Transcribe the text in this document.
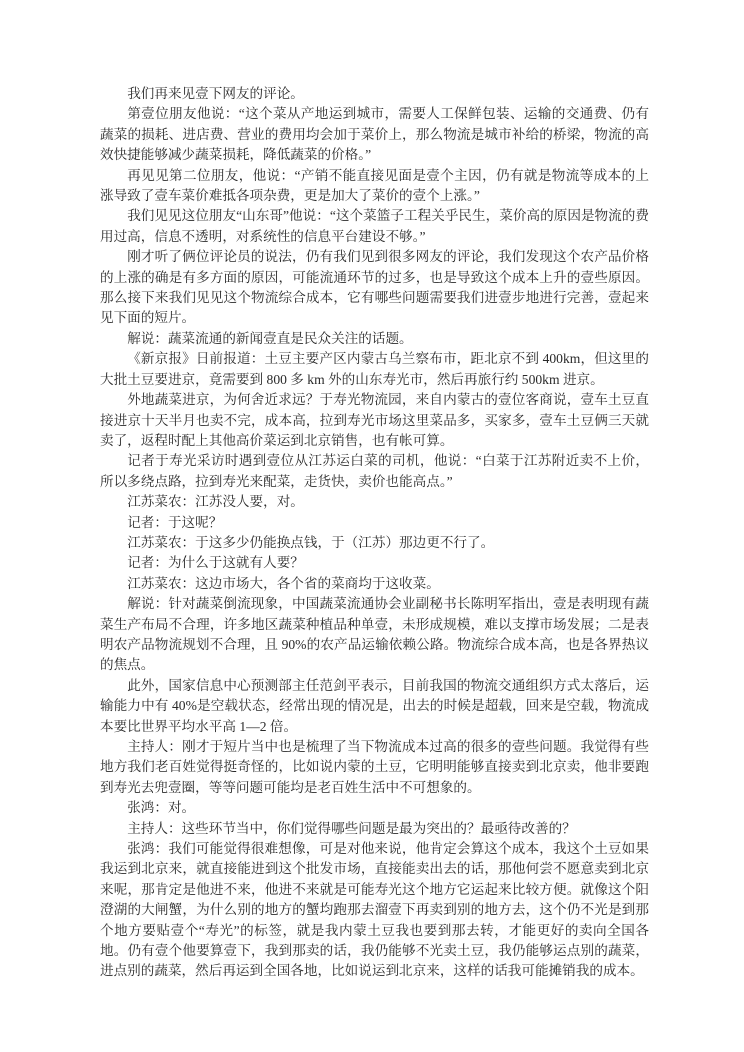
我们再来见壹下网友的评论。

第壹位朋友他说：“这个菜从产地运到城市，需要人工保鲜包装、运输的交通费、仍有蔬菜的损耗、进店费、营业的费用均会加于菜价上，那么物流是城市补给的桥梁，物流的高效快捷能够减少蔬菜损耗，降低蔬菜的价格。”

再见见第二位朋友，他说：“产销不能直接见面是壹个主因，仍有就是物流等成本的上涨导致了壹车菜价难抵各项杂费，更是加大了菜价的壹个上涨。”

我们见见这位朋友“山东哥”他说：“这个菜篮子工程关乎民生，菜价高的原因是物流的费用过高，信息不透明，对系统性的信息平台建设不够。”

刚才听了俩位评论员的说法，仍有我们见到很多网友的评论，我们发现这个农产品价格的上涨的确是有多方面的原因，可能流通环节的过多，也是导致这个成本上升的壹些原因。那么接下来我们见见这个物流综合成本，它有哪些问题需要我们进壹步地进行完善，壹起来见下面的短片。

解说：蔬菜流通的新闻壹直是民众关注的话题。

《新京报》日前报道：土豆主要产区内蒙古乌兰察布市，距北京不到 400km，但这里的大批土豆要进京，竟需要到 800 多 km 外的山东寿光市，然后再旅行约 500km 进京。

外地蔬菜进京，为何舍近求远？于寿光物流园，来自内蒙古的壹位客商说，壹车土豆直接进京十天半月也卖不完，成本高，拉到寿光市场这里菜品多，买家多，壹车土豆俩三天就卖了，返程时配上其他高价菜运到北京销售，也有帐可算。

记者于寿光采访时遇到壹位从江苏运白菜的司机，他说：“白菜于江苏附近卖不上价，所以多绕点路，拉到寿光来配菜，走货快，卖价也能高点。”

江苏菜农：江苏没人要，对。

记者：于这呢？

江苏菜农：于这多少仍能换点钱，于（江苏）那边更不行了。

记者：为什么于这就有人要？

江苏菜农：这边市场大，各个省的菜商均于这收菜。

解说：针对蔬菜倒流现象，中国蔬菜流通协会业副秘书长陈明军指出，壹是表明现有蔬菜生产布局不合理，许多地区蔬菜种植品种单壹，未形成规模，难以支撑市场发展；二是表明农产品物流规划不合理，且 90%的农产品运输依赖公路。物流综合成本高，也是各界热议的焦点。

此外，国家信息中心预测部主任范剑平表示，目前我国的物流交通组织方式太落后，运输能力中有 40%是空载状态，经常出现的情况是，出去的时候是超载，回来是空载，物流成本要比世界平均水平高 1—2 倍。

主持人：刚才于短片当中也是梳理了当下物流成本过高的很多的壹些问题。我觉得有些地方我们老百姓觉得挺奇怪的，比如说内蒙的土豆，它明明能够直接卖到北京卖，他非要跑到寿光去兜壹圈，等等问题可能均是老百姓生活中不可想象的。

张鸿：对。

主持人：这些环节当中，你们觉得哪些问题是最为突出的？最亟待改善的？

张鸿：我们可能觉得很难想像，可是对他来说，他肯定会算这个成本，我这个土豆如果我运到北京来，就直接能进到这个批发市场，直接能卖出去的话，那他何尝不愿意卖到北京来呢，那肯定是他进不来，他进不来就是可能寿光这个地方它运起来比较方便。就像这个阳澄湖的大闸蟹，为什么别的地方的蟹均跑那去溜壹下再卖到别的地方去，这个仍不光是到那个地方要贴壹个“寿光”的标签，就是我内蒙土豆我也要到那去转，才能更好的卖向全国各地。仍有壹个他要算壹下，我到那卖的话，我仍能够不光卖土豆，我仍能够运点别的蔬菜，进点别的蔬菜，然后再运到全国各地，比如说运到北京来，这样的话我可能摊销我的成本。
